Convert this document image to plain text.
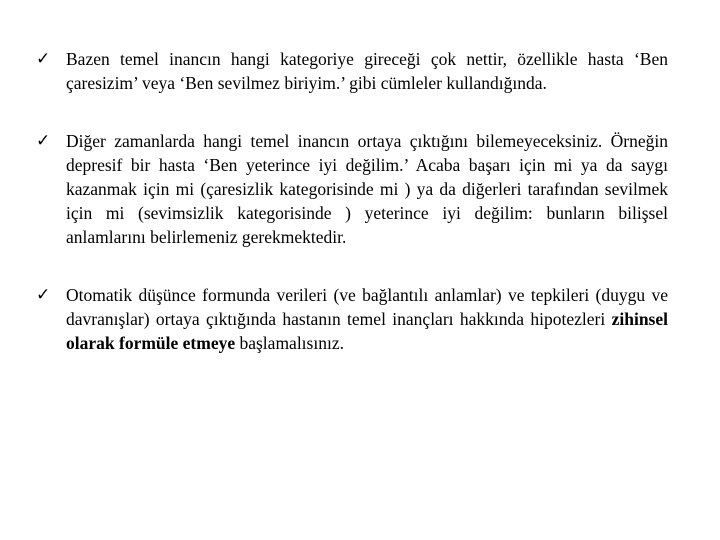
✓ Bazen temel inancın hangi kategoriye gireceği çok nettir, özellikle hasta ‘Ben çaresizim’ veya ‘Ben sevilmez biriyim.’ gibi cümleler kullandığında.
✓ Diğer zamanlarda hangi temel inancın ortaya çıktığını bilemeyeceksiniz. Örneğin depresif bir hasta ‘Ben yeterince iyi değilim.’ Acaba başarı için mi ya da saygı kazanmak için mi (çaresizlik kategorisinde mi ) ya da diğerleri tarafından sevilmek için mi (sevimsizlik kategorisinde ) yeterince iyi değilim: bunların bilişsel anlamlarını belirlemeniz gerekmektedir.
✓ Otomatik düşünce formunda verileri (ve bağlantılı anlamlar) ve tepkileri (duygu ve davranışlar) ortaya çıktığında hastanın temel inançları hakkında hipotezleri zihinsel olarak formüle etmeye başlamalısınız.
